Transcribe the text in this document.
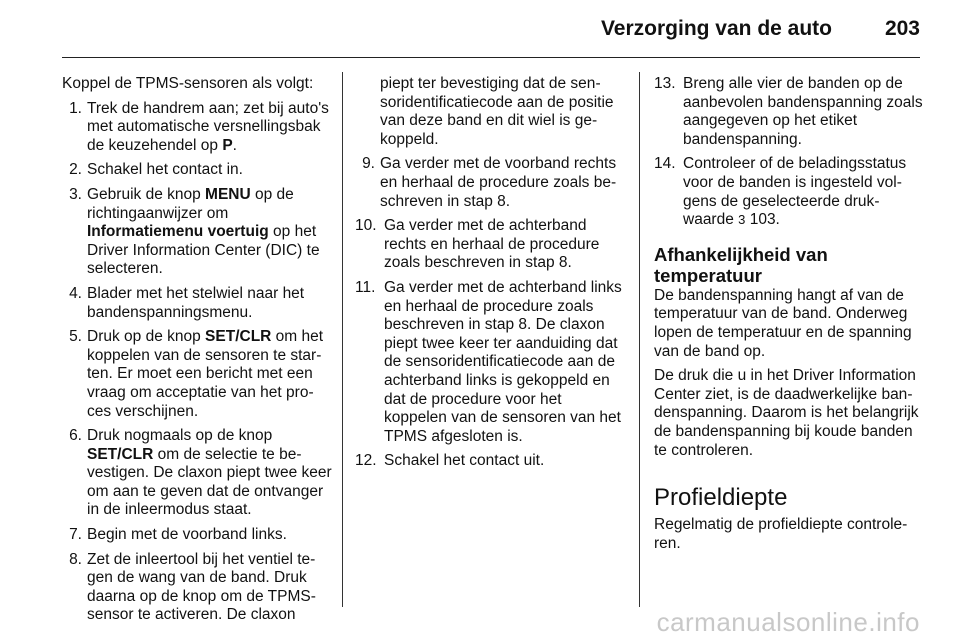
Verzorging van de auto	203

Koppel de TPMS-sensoren als volgt:

1. Trek de handrem aan; zet bij auto's met automatische versnellingsbak de keuzehendel op P.
2. Schakel het contact in.
3. Gebruik de knop MENU op de richtingaanwijzer om Informatiemenu voertuig op het Driver Information Center (DIC) te selecteren.
4. Blader met het stelwiel naar het bandenspanningsmenu.
5. Druk op de knop SET/CLR om het koppelen van de sensoren te starten. Er moet een bericht met een vraag om acceptatie van het proces verschijnen.
6. Druk nogmaals op de knop SET/CLR om de selectie te bevestigen. De claxon piept twee keer om aan te geven dat de ontvanger in de inleermodus staat.
7. Begin met de voorband links.
8. Zet de inleertool bij het ventiel tegen de wang van de band. Druk daarna op de knop om de TPMS-sensor te activeren. De claxon
piept ter bevestiging dat de sensoridentificatiecode aan de positie van deze band en dit wiel is gekoppeld.
9. Ga verder met de voorband rechts en herhaal de procedure zoals beschreven in stap 8.
10. Ga verder met de achterband rechts en herhaal de procedure zoals beschreven in stap 8.
11. Ga verder met de achterband links en herhaal de procedure zoals beschreven in stap 8. De claxon piept twee keer ter aanduiding dat de sensoridentificatiecode aan de achterband links is gekoppeld en dat de procedure voor het koppelen van de sensoren van het TPMS afgesloten is.
12. Schakel het contact uit.
13. Breng alle vier de banden op de aanbevolen bandenspanning zoals aangegeven op het etiket bandenspanning.
14. Controleer of de beladingsstatus voor de banden is ingesteld volgens de geselecteerde drukwaarde 3 103.
Afhankelijkheid van temperatuur

De bandenspanning hangt af van de temperatuur van de band. Onderweg lopen de temperatuur en de spanning van de band op.

De druk die u in het Driver Information Center ziet, is de daadwerkelijke bandenspanning. Daarom is het belangrijk de bandenspanning bij koude banden te controleren.

Profieldiepte

Regelmatig de profieldiepte controleren.

carmanualsonline.info
